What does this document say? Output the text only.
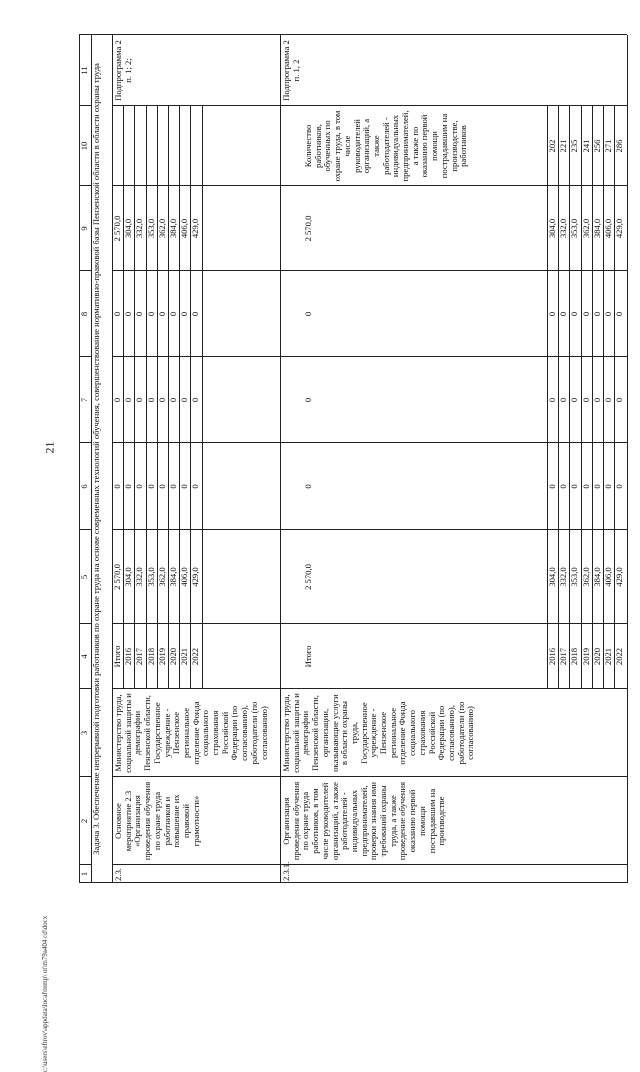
21
c:\users\eftrov\appdata\local\temp\ ot\m79a404 cd\docx
1
2
3
4
5
6
7
8
9
10
11 Задача 3. Обеспечение непрерывной подготовки работников по охране труда на основе современных технологий обучения, совершенствование нормативно-правовой базы Пензенской области в области охраны труда
2.3.
Основное мероприятие 2.3 «Организация проведения обучения по охране труда работников и повышение их правовой грамотности»
Министерство труда, социальной защиты и демографии Пензенской области, Государственное учреждение - Пензенское региональное отделение Фонда социального страхования Российской Федерации (по согласованию), работодатели (по согласованию)
Подпрограмма 2 п. 1; 2;
Итого
2 570,0
0
0
0
2 570,0
2016
304,0
0
0
0
304,0
2017
332,0
0
0
0
332,0
2018
353,0
0
0
0
353,0
2019
362,0
0
0
0
362,0
2020
384,0
0
0
0
384,0
2021
406,0
0
0
0
406,0
2022
429,0
0
0
0
429,0
2.3.1.
Организация проведения обучения по охране труда работников, в том числе руководителей организаций, а также работодателей - индивидуальных предпринимателей, проверки знания ими требований охраны труда, а также проведение обучения оказанию первой помощи пострадавшим на производстве
Министерство труда, социальной защиты и демографии Пензенской области, организации, оказывающие услуги в области охраны труда, Государственное учреждение - Пензенское региональное отделение Фонда социального страхования Российской Федерации (по согласованию), работодатели (по согласованию)
Количество работников, обученных по охране труда, в том числе руководителей организаций, а также работодателей - индивидуальных предпринимателей, а также по оказанию первой помощи пострадавшим на производстве, работников
Подпрограмма 2 п. 1, 2
Итого
2 570,0
0
0
0
2 570,0
2016
304,0
0
0
0
304,0
202
2017
332,0
0
0
0
332,0
221
2018
353,0
0
0
0
353,0
235
2019
362,0
0
0
0
362,0
241
2020
384,0
0
0
0
384,0
256
2021
406,0
0
0
0
406,0
271
2022
429,0
0
0
0
429,0
286
